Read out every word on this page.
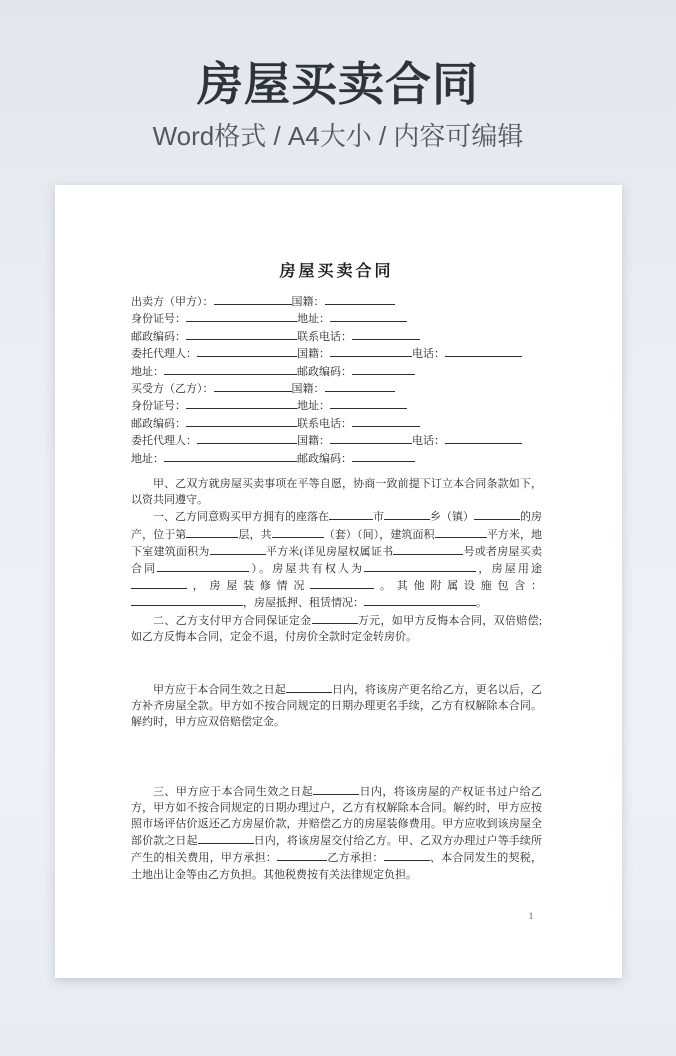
房屋买卖合同
Word格式 / A4大小 / 内容可编辑
房屋买卖合同
出卖方（甲方）：	国籍：
身份证号：	地址：
邮政编码：	联系电话：
委托代理人：	国籍：	电话：
地址：	邮政编码：
买受方（乙方）：	国籍：
身份证号：	地址：
邮政编码：	联系电话：
委托代理人：	国籍：	电话：
地址：	邮政编码：

甲、乙双方就房屋买卖事项在平等自愿，协商一致前提下订立本合同条款如下，以资共同遵守。

一、乙方同意购买甲方拥有的座落在	市	乡（镇）	的房产，位于第	层，共	（套）（间），建筑面积	平方米，地下室建筑面积为	平方米(详见房屋权属证书	号或者房屋买卖合同	）。房屋共有权人为	，房屋用途，房屋装修情况	。其他附属设施包含：，房屋抵押、租赁情况：	。

二、乙方支付甲方合同保证定金	万元，如甲方反悔本合同，双倍赔偿;如乙方反悔本合同，定金不退，付房价全款时定金转房价。

甲方应于本合同生效之日起	日内，将该房产更名给乙方，更名以后，乙方补齐房屋全款。甲方如不按合同规定的日期办理更名手续，乙方有权解除本合同。解约时，甲方应双倍赔偿定金。

三、甲方应于本合同生效之日起	日内，将该房屋的产权证书过户给乙方，甲方如不按合同规定的日期办理过户，乙方有权解除本合同。解约时，甲方应按照市场评估价返还乙方房屋价款，并赔偿乙方的房屋装修费用。甲方应收到该房屋全部价款之日起	日内，将该房屋交付给乙方。甲、乙双方办理过户等手续所产生的相关费用，甲方承担：	乙方承担：	、本合同发生的契税，土地出让金等由乙方负担。其他税费按有关法律规定负担。

1
